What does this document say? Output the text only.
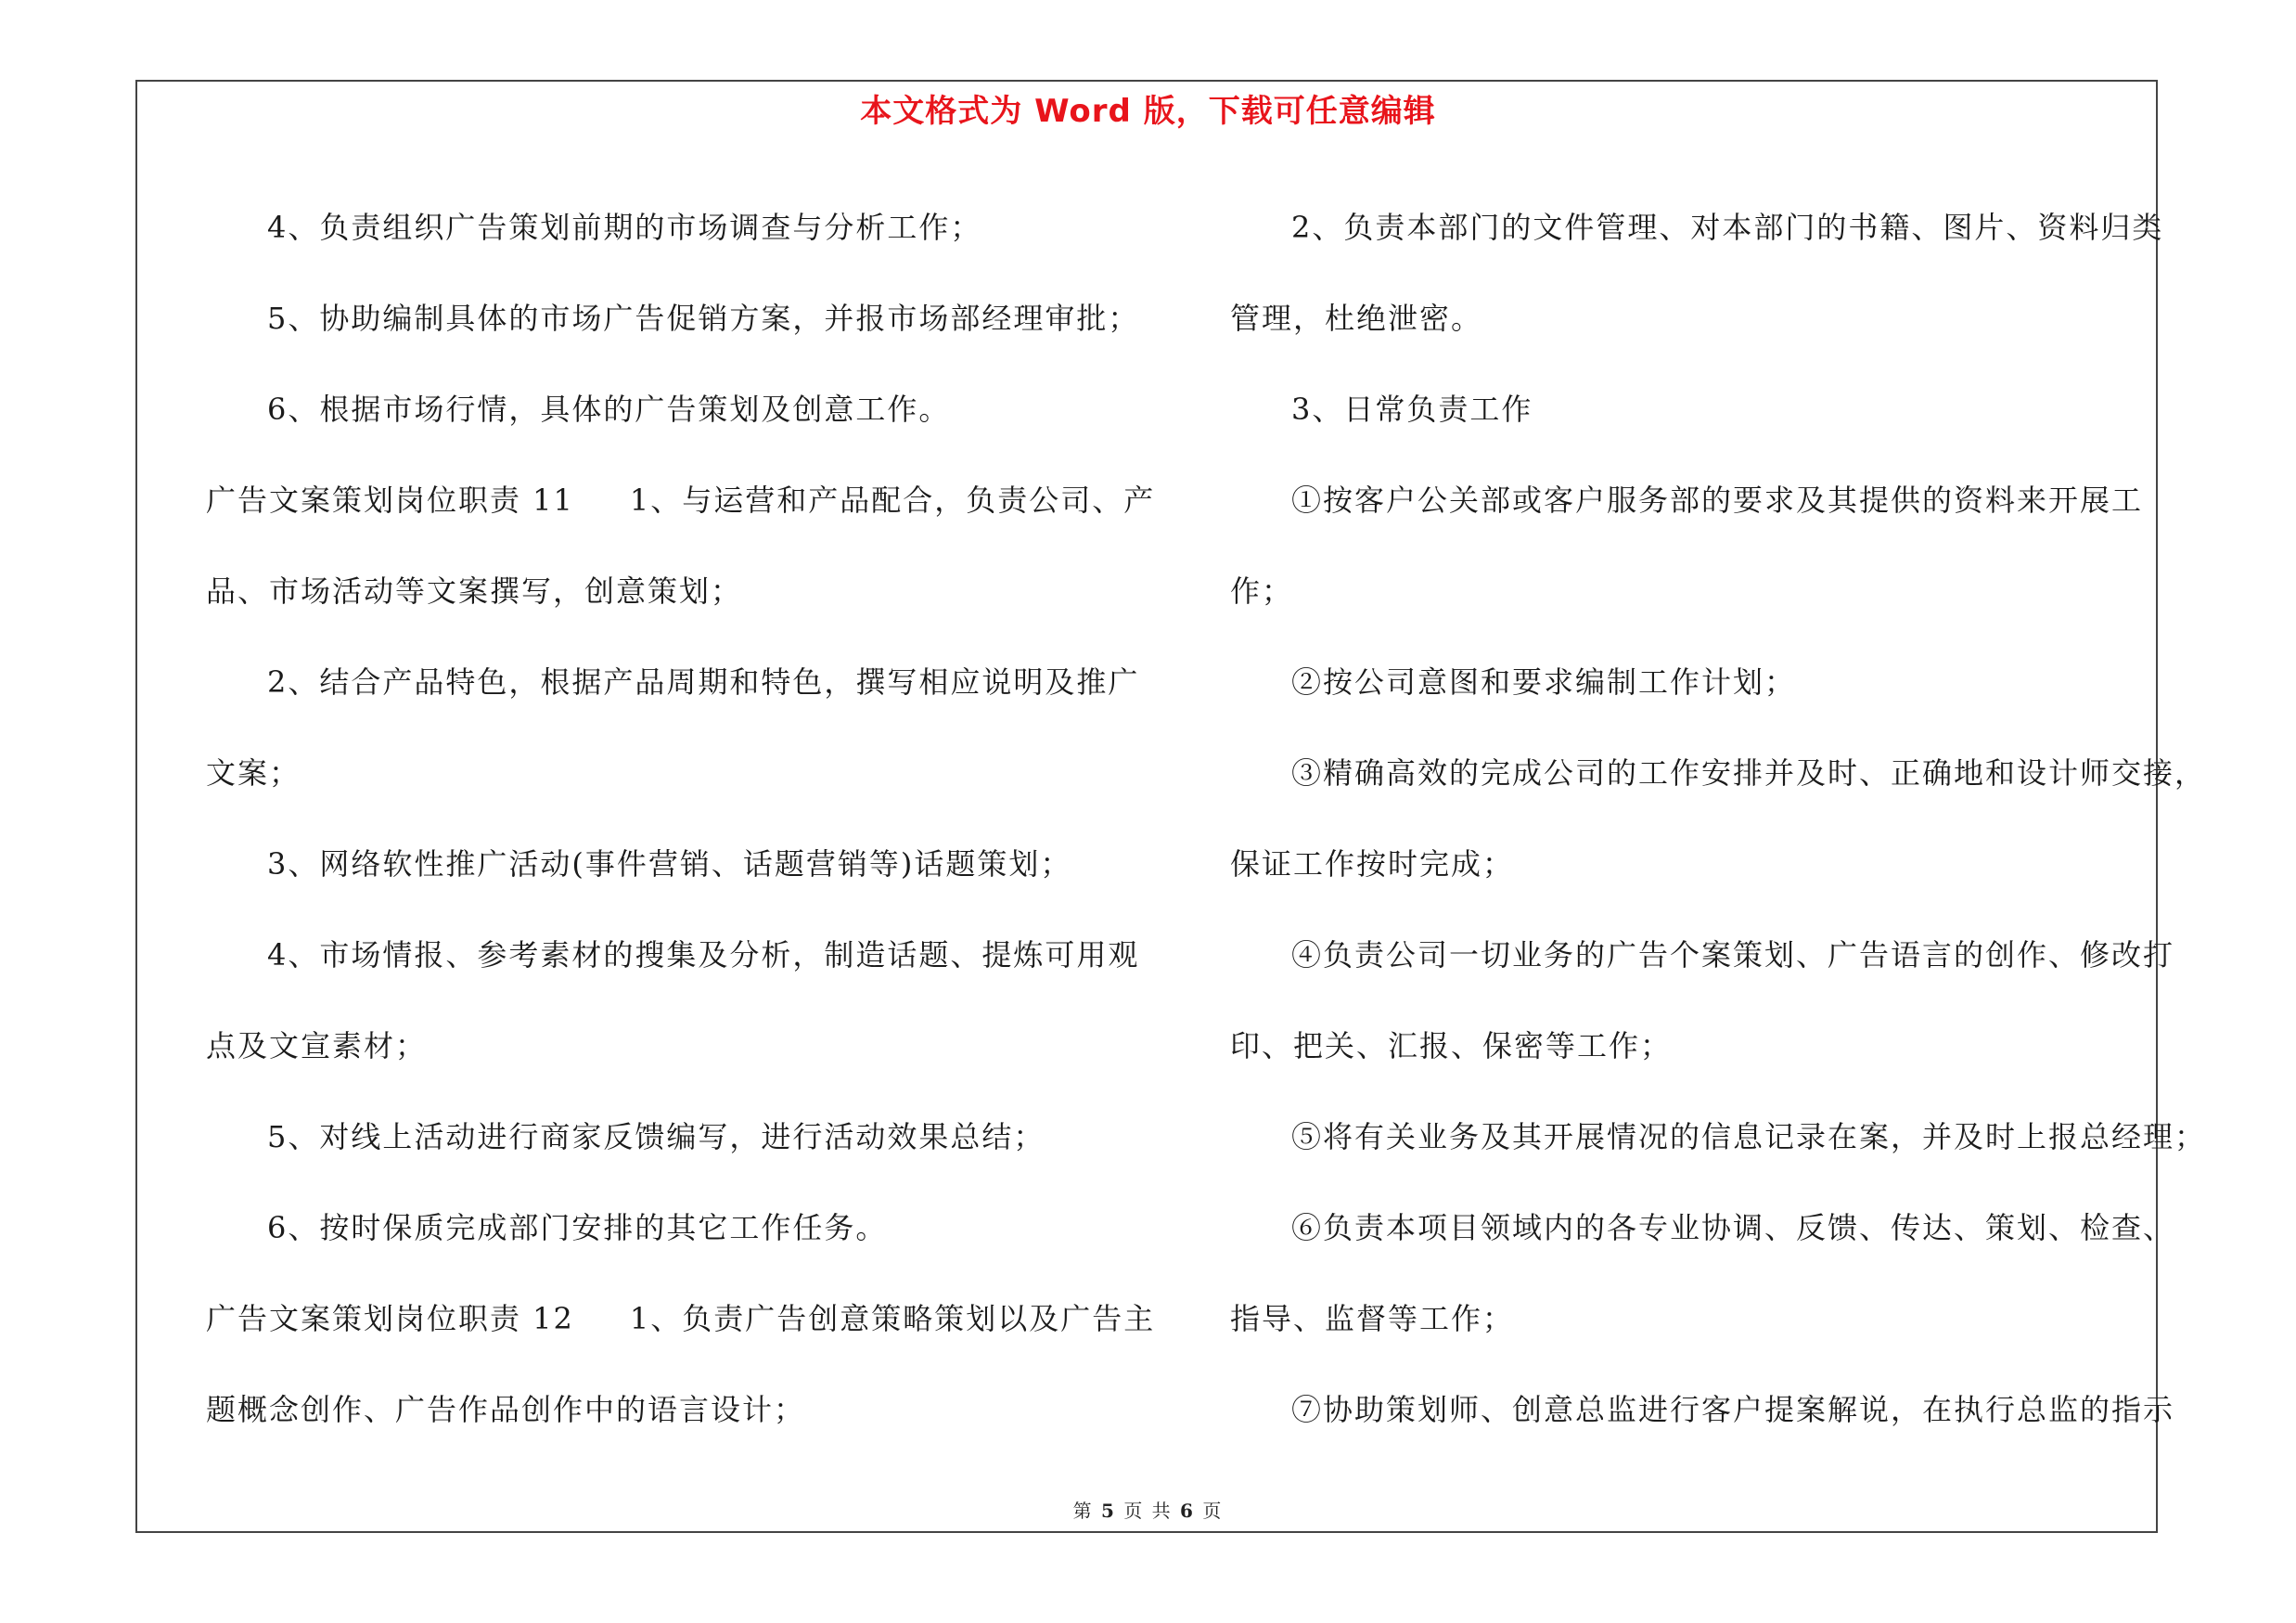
本文格式为 Word 版，下载可任意编辑
4、负责组织广告策划前期的市场调查与分析工作；
5、协助编制具体的市场广告促销方案，并报市场部经理审批；
6、根据市场行情，具体的广告策划及创意工作。
广告文案策划岗位职责 11 1、与运营和产品配合，负责公司、产
品、市场活动等文案撰写，创意策划；
2、结合产品特色，根据产品周期和特色，撰写相应说明及推广
文案；
3、网络软性推广活动(事件营销、话题营销等)话题策划；
4、市场情报、参考素材的搜集及分析，制造话题、提炼可用观
点及文宣素材；
5、对线上活动进行商家反馈编写，进行活动效果总结；
6、按时保质完成部门安排的其它工作任务。
广告文案策划岗位职责 12 1、负责广告创意策略策划以及广告主
题概念创作、广告作品创作中的语言设计；
2、负责本部门的文件管理、对本部门的书籍、图片、资料归类
管理，杜绝泄密。
3、日常负责工作
①按客户公关部或客户服务部的要求及其提供的资料来开展工
作；
②按公司意图和要求编制工作计划；
③精确高效的完成公司的工作安排并及时、正确地和设计师交接，
保证工作按时完成；
④负责公司一切业务的广告个案策划、广告语言的创作、修改打
印、把关、汇报、保密等工作；
⑤将有关业务及其开展情况的信息记录在案，并及时上报总经理；
⑥负责本项目领域内的各专业协调、反馈、传达、策划、检查、
指导、监督等工作；
⑦协助策划师、创意总监进行客户提案解说，在执行总监的指示
第 5 页 共 6 页
